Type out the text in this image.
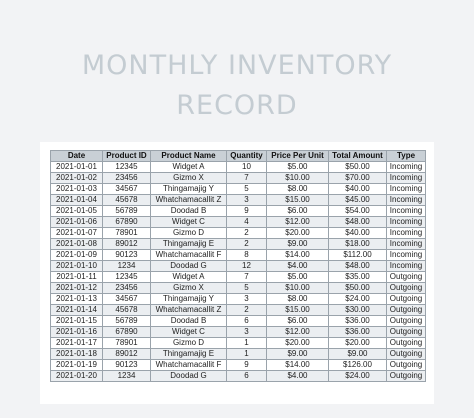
MONTHLY INVENTORY
RECORD
Date	Product ID	Product Name	Quantity	Price Per Unit	Total Amount	Type
2021-01-01	12345	Widget A	10	$5.00	$50.00	Incoming
2021-01-02	23456	Gizmo X	7	$10.00	$70.00	Incoming
2021-01-03	34567	Thingamajig Y	5	$8.00	$40.00	Incoming
2021-01-04	45678	Whatchamacallit Z	3	$15.00	$45.00	Incoming
2021-01-05	56789	Doodad B	9	$6.00	$54.00	Incoming
2021-01-06	67890	Widget C	4	$12.00	$48.00	Incoming
2021-01-07	78901	Gizmo D	2	$20.00	$40.00	Incoming
2021-01-08	89012	Thingamajig E	2	$9.00	$18.00	Incoming
2021-01-09	90123	Whatchamacallit F	8	$14.00	$112.00	Incoming
2021-01-10	1234	Doodad G	12	$4.00	$48.00	Incoming
2021-01-11	12345	Widget A	7	$5.00	$35.00	Outgoing
2021-01-12	23456	Gizmo X	5	$10.00	$50.00	Outgoing
2021-01-13	34567	Thingamajig Y	3	$8.00	$24.00	Outgoing
2021-01-14	45678	Whatchamacallit Z	2	$15.00	$30.00	Outgoing
2021-01-15	56789	Doodad B	6	$6.00	$36.00	Outgoing
2021-01-16	67890	Widget C	3	$12.00	$36.00	Outgoing
2021-01-17	78901	Gizmo D	1	$20.00	$20.00	Outgoing
2021-01-18	89012	Thingamajig E	1	$9.00	$9.00	Outgoing
2021-01-19	90123	Whatchamacallit F	9	$14.00	$126.00	Outgoing
2021-01-20	1234	Doodad G	6	$4.00	$24.00	Outgoing
